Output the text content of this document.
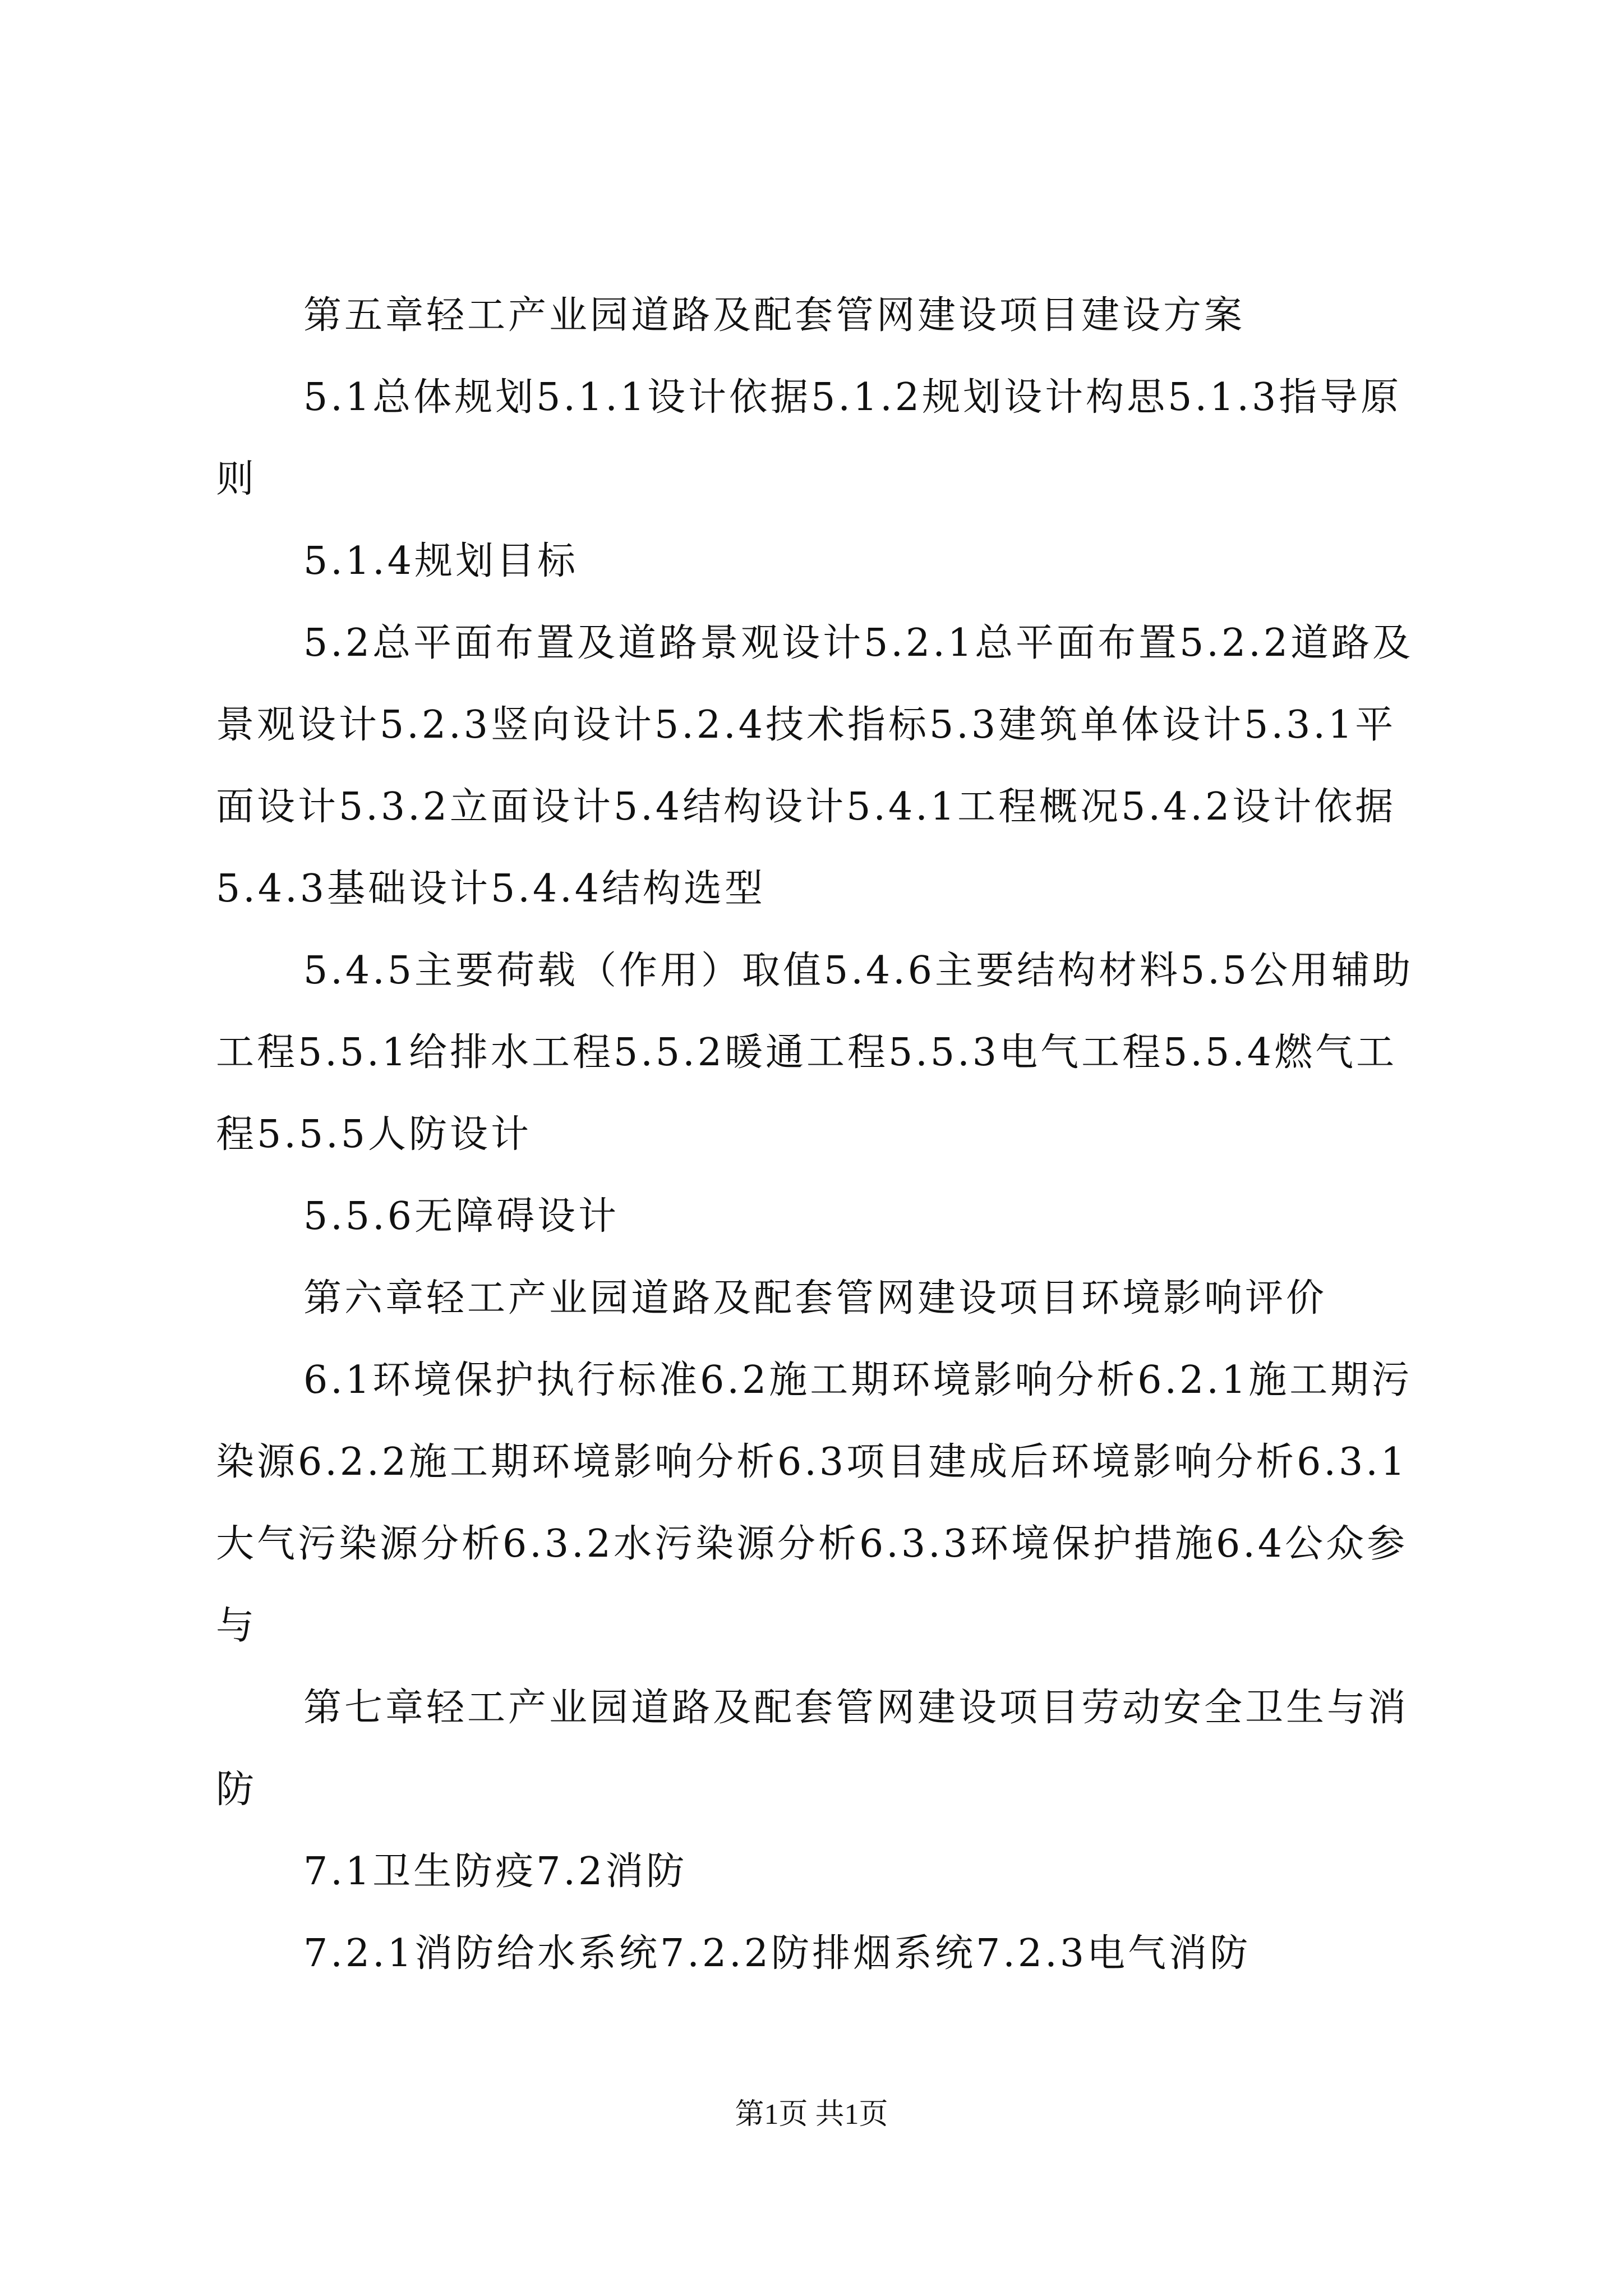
第五章轻工产业园道路及配套管网建设项目建设方案

5.1总体规划5.1.1设计依据5.1.2规划设计构思5.1.3指导原则

5.1.4规划目标

5.2总平面布置及道路景观设计5.2.1总平面布置5.2.2道路及景观设计5.2.3竖向设计5.2.4技术指标5.3建筑单体设计5.3.1平面设计5.3.2立面设计5.4结构设计5.4.1工程概况5.4.2设计依据5.4.3基础设计5.4.4结构选型

5.4.5主要荷载（作用）取值5.4.6主要结构材料5.5公用辅助工程5.5.1给排水工程5.5.2暖通工程5.5.3电气工程5.5.4燃气工程5.5.5人防设计

5.5.6无障碍设计

第六章轻工产业园道路及配套管网建设项目环境影响评价

6.1环境保护执行标准6.2施工期环境影响分析6.2.1施工期污染源6.2.2施工期环境影响分析6.3项目建成后环境影响分析6.3.1大气污染源分析6.3.2水污染源分析6.3.3环境保护措施6.4公众参与

第七章轻工产业园道路及配套管网建设项目劳动安全卫生与消防

7.1卫生防疫7.2消防

7.2.1消防给水系统7.2.2防排烟系统7.2.3电气消防

第1页 共1页
